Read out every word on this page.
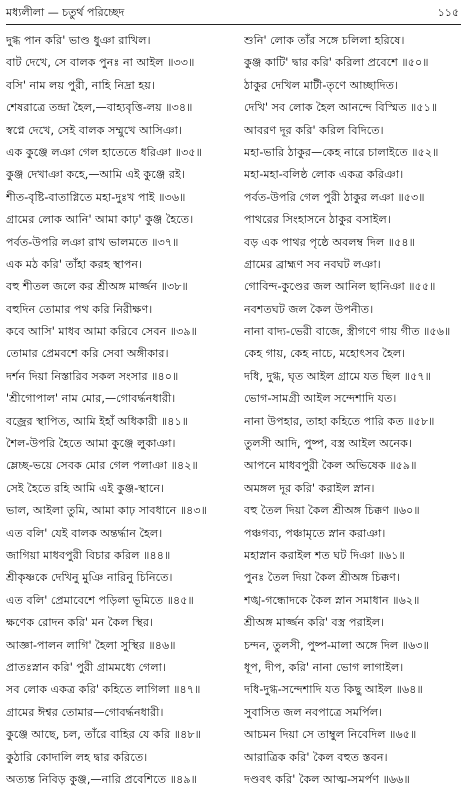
মধ্যলীলা — চতুর্থ পরিচ্ছেদ	১১৫
দুগ্ধ পান করি' ভাণ্ড ধুঞা রাখিল।
বাট দেখে, সে বালক পুনঃ না আইল ॥৩৩॥
বসি' নাম লয় পুরী, নাহি নিদ্রা হয়।
শেষরাত্রে তন্দ্রা হৈল,—বাহ্যবৃত্তি-লয় ॥৩৪॥
স্বপ্নে দেখে, সেই বালক সম্মুখে আসিঞা।
এক কুঞ্জে লঞা গেল হাতেতে ধরিঞা ॥৩৫॥
কুঞ্জ দেখাঞা কহে,—আমি এই কুঞ্জে রই।
শীত-বৃষ্টি-বাতাগ্নিতে মহা-দুঃখ পাই ॥৩৬॥
গ্রামের লোক আনি' আমা কাঢ়' কুঞ্জ হৈতে।
পর্বত-উপরি লঞা রাখ ভালমতে ॥৩৭॥
এক মঠ করি' তাঁহা করহ স্থাপন।
বহু শীতল জলে কর শ্রীঅঙ্গ মার্জ্জন ॥৩৮॥
বহুদিন তোমার পথ করি নিরীক্ষণ।
কবে আসি' মাধব আমা করিবে সেবন ॥৩৯॥
তোমার প্রেমবশে করি সেবা অঙ্গীকার।
দর্শন দিয়া নিস্তারিব সকল সংসার ॥৪০॥
'শ্রীগোপাল' নাম মোর,—গোবর্দ্ধনধারী।
বজ্রের স্থাপিত, আমি ইহাঁ অধিকারী ॥৪১॥
শৈল-উপরি হৈতে আমা কুঞ্জে লুকাঞা।
ম্লেচ্ছ-ভয়ে সেবক মোর গেল পলাঞা ॥৪২॥
সেই হৈতে রহি আমি এই কুঞ্জ-স্থানে।
ভাল, আইলা তুমি, আমা কাঢ় সাবধানে ॥৪৩॥
এত বলি' যেই বালক অন্তর্দ্ধান হৈল।
জাগিয়া মাধবপুরী বিচার করিল ॥৪৪॥
শ্রীকৃষ্ণকে দেখিনু মুঞি নারিনু চিনিতে।
এত বলি' প্রেমাবেশে পড়িলা ভূমিতে ॥৪৫॥
ক্ষণেক রোদন করি' মন কৈল স্থির।
আজ্ঞা-পালন লাগি' হৈলা সুস্থির ॥৪৬॥
প্রাতঃস্নান করি' পুরী গ্রামমধ্যে গেলা।
সব লোক একত্র করি' কহিতে লাগিলা ॥৪৭॥
গ্রামের ঈশ্বর তোমার—গোবর্দ্ধনধারী।
কুঞ্জে আছে, চল, তাঁরে বাহির যে করি ॥৪৮॥
কুঠারি কোদালি লহ দ্বার করিতে।
অত্যন্ত নিবিড় কুঞ্জ,—নারি প্রবেশিতে ॥৪৯॥
শুনি' লোক তাঁর সঙ্গে চলিলা হরিষে।
কুঞ্জ কাটি' দ্বার করি' করিলা প্রবেশে ॥৫০॥
ঠাকুর দেখিল মাটী-তৃণে আচ্ছাদিত।
দেখি' সব লোক হৈল আনন্দে বিস্মিত ॥৫১॥
আবরণ দূর করি' করিল বিদিতে।
মহা-ভারি ঠাকুর—কেহ নারে চালাইতে ॥৫২॥
মহা-মহা-বলিষ্ঠ লোক একত্র করিঞা।
পর্বত-উপরি গেল পুরী ঠাকুর লঞা ॥৫৩॥
পাথরের সিংহাসনে ঠাকুর বসাইল।
বড় এক পাথর পৃষ্ঠে অবলম্ব দিল ॥৫৪॥
গ্রামের ব্রাহ্মণ সব নবঘট লঞা।
গোবিন্দ-কুণ্ডের জল আনিল ছানিঞা ॥৫৫॥
নবশতঘট জল কৈল উপনীত।
নানা বাদ্য-ভেরী বাজে, স্ত্রীগণে গায় গীত ॥৫৬॥
কেহ গায়, কেহ নাচে, মহোৎসব হৈল।
দধি, দুগ্ধ, ঘৃত আইল গ্রামে যত ছিল ॥৫৭॥
ভোগ-সামগ্রী আইল সন্দেশাদি যত।
নানা উপহার, তাহা কহিতে পারি কত ॥৫৮॥
তুলসী আদি, পুষ্প, বস্ত্র আইল অনেক।
আপনে মাধবপুরী কৈল অভিষেক ॥৫৯॥
অমঙ্গল দূর করি' করাইল স্নান।
বহু তৈল দিয়া কৈল শ্রীঅঙ্গ চিক্কণ ॥৬০॥
পঞ্চগব্য, পঞ্চামৃতে স্নান করাঞা।
মহাস্নান করাইল শত ঘট দিঞা ॥৬১॥
পুনঃ তৈল দিয়া কৈল শ্রীঅঙ্গ চিক্কণ।
শঙ্খ-গন্ধোদকে কৈল স্নান সমাধান ॥৬২॥
শ্রীঅঙ্গ মার্জ্জন করি' বস্ত্র পরাইল।
চন্দন, তুলসী, পুষ্প-মালা অঙ্গে দিল ॥৬৩॥
ধূপ, দীপ, করি' নানা ভোগ লাগাইল।
দধি-দুগ্ধ-সন্দেশাদি যত কিছু আইল ॥৬৪॥
সুবাসিত জল নবপাত্রে সমর্পিল।
আচমন দিয়া সে তাম্বুল নিবেদিল ॥৬৫॥
আরাত্রিক করি' কৈল বহুত স্তবন।
দণ্ডবৎ করি' কৈল আত্ম-সমর্পণ ॥৬৬॥
